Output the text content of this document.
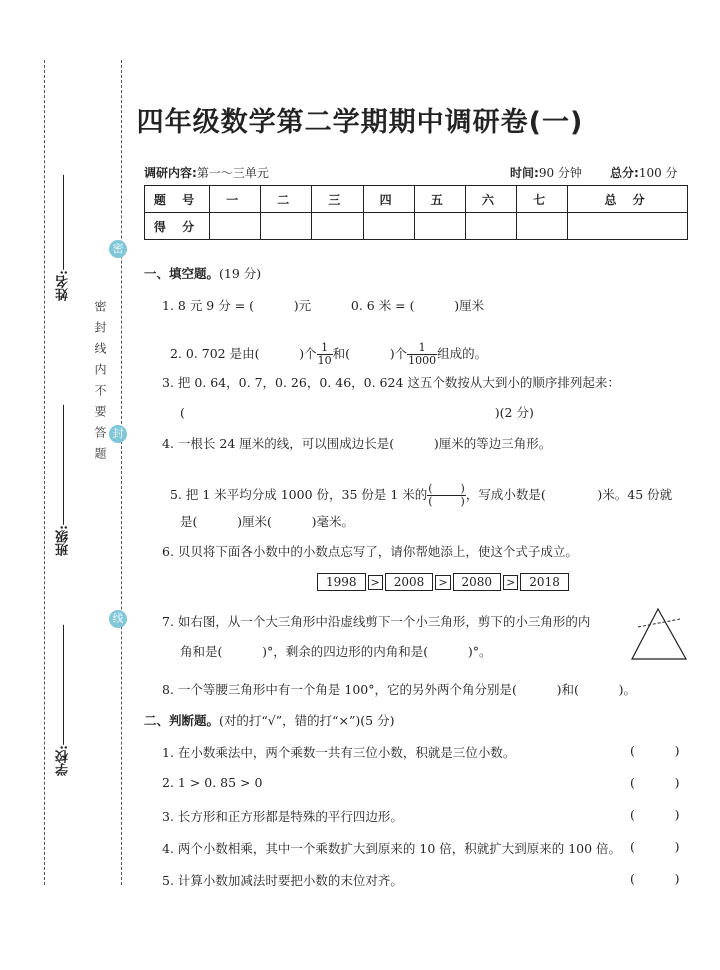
姓名:
班级:
学校:
密封线内不要答题
密
封
线
四年级数学第二学期期中调研卷(一)
调研内容:第一～三单元	时间:90 分钟 总分:100 分
题 号	一	二	三	四	五	六	七	总 分
得 分								
一、填空题。(19 分)
1. 8 元 9 分 = (          )元          0. 6 米 = (          )厘米

2. 0. 702 是由(          )个 $\frac{1}{10}$ 和(          )个 $\frac{1}{1000}$ 组成的。

3. 把 0. 64，0. 7，0. 26，0. 46，0. 624 这五个数按从大到小的顺序排列起来：
(                                                                              )(2 分)
4. 一根长 24 厘米的线，可以围成边长是(          )厘米的等边三角形。

5. 把 1 米平均分成 1000 份，35 份是 1 米的 $\frac{( )}{( )}$ ，写成小数是(             )米。45 份就

是(          )厘米(          )毫米。
6. 贝贝将下面各小数中的小数点忘写了，请你帮她添上，使这个式子成立。
1998 > 2008 > 2080 > 2018
7. 如右图，从一个大三角形中沿虚线剪下一个小三角形，剪下的小三角形的内
角和是(          )°，剩余的四边形的内角和是(          )°。
8. 一个等腰三角形中有一个角是 100°，它的另外两个角分别是(          )和(          )。
二、判断题。(对的打“√”，错的打“×”)(5 分)
1. 在小数乘法中，两个乘数一共有三位小数，积就是三位小数。	(          )
2. 1 > 0. 85 > 0	(          )
3. 长方形和正方形都是特殊的平行四边形。	(          )
4. 两个小数相乘，其中一个乘数扩大到原来的 10 倍，积就扩大到原来的 100 倍。 (          )
5. 计算小数加减法时要把小数的末位对齐。	(          )
